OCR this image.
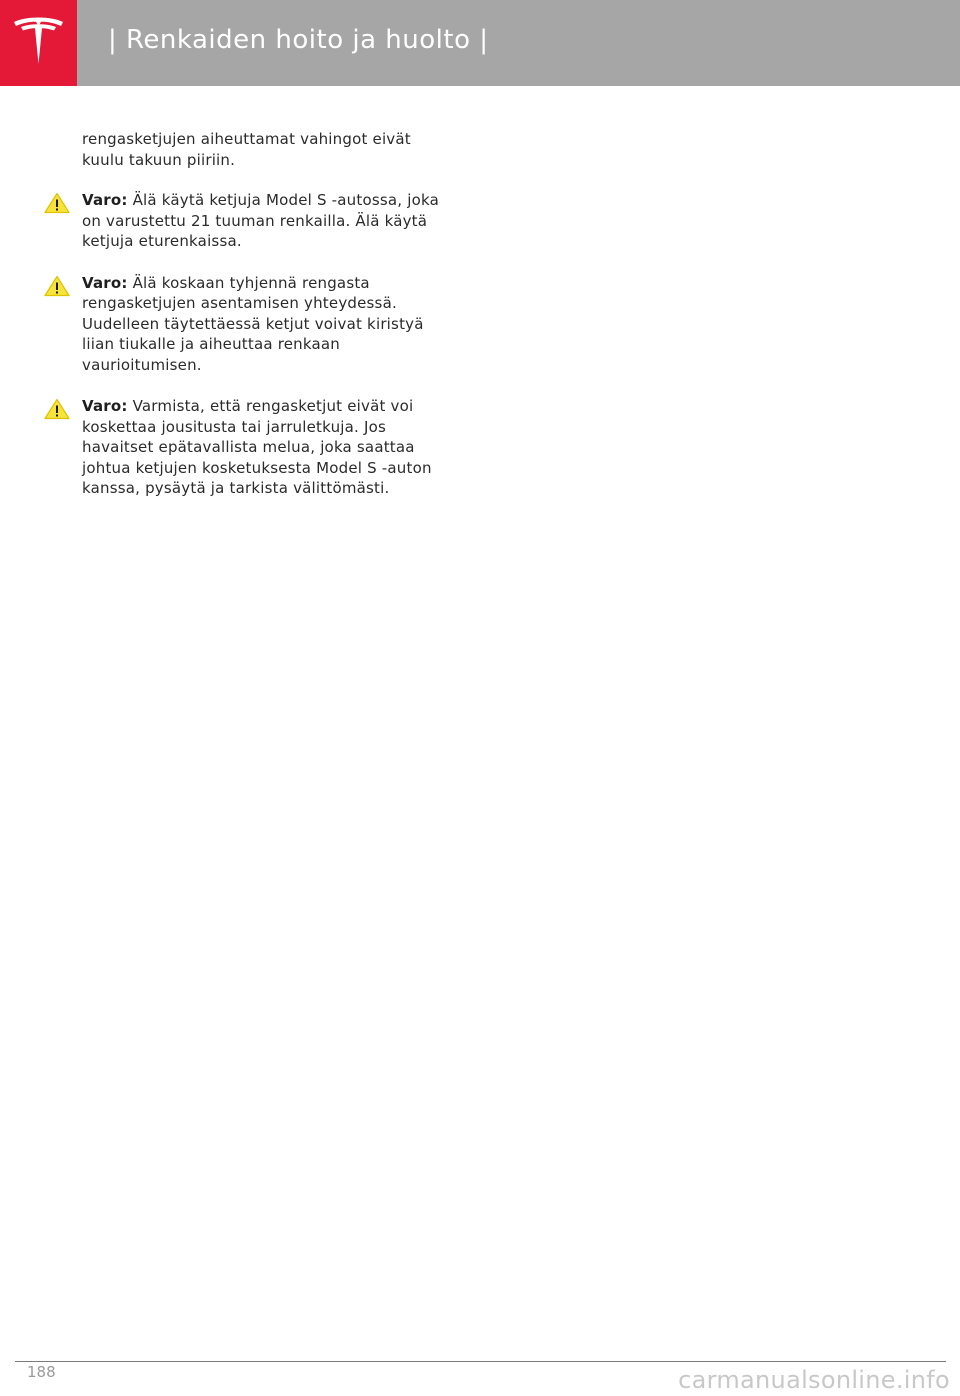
| Renkaiden hoito ja huolto |

rengasketjujen aiheuttamat vahingot eivät kuulu takuun piiriin.

Varo: Älä käytä ketjuja Model S -autossa, joka on varustettu 21 tuuman renkailla. Älä käytä ketjuja eturenkaissa.
Varo: Älä koskaan tyhjennä rengasta rengasketjujen asentamisen yhteydessä. Uudelleen täytettäessä ketjut voivat kiristyä liian tiukalle ja aiheuttaa renkaan vaurioitumisen.
Varo: Varmista, että rengasketjut eivät voi koskettaa jousitusta tai jarruletkuja. Jos havaitset epätavallista melua, joka saattaa johtua ketjujen kosketuksesta Model S -auton kanssa, pysäytä ja tarkista välittömästi.
188	carmanualsonline.info
